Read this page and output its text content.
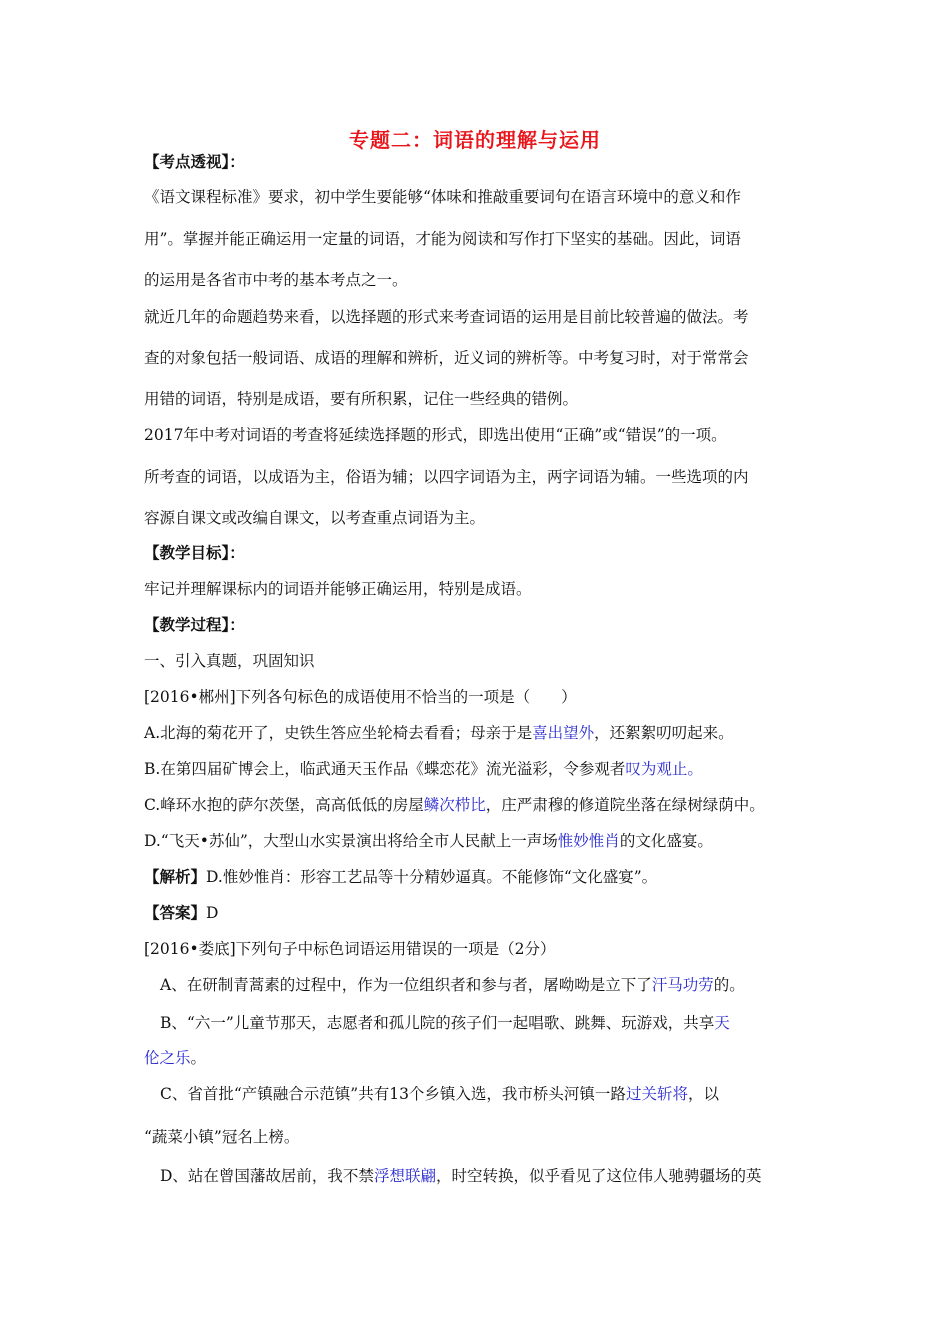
专题二：词语的理解与运用
【考点透视】：
《语文课程标准》要求，初中学生要能够“体味和推敲重要词句在语言环境中的意义和作
用”。掌握并能正确运用一定量的词语，才能为阅读和写作打下坚实的基础。因此，词语
的运用是各省市中考的基本考点之一。
就近几年的命题趋势来看，以选择题的形式来考查词语的运用是目前比较普遍的做法。考
查的对象包括一般词语、成语的理解和辨析，近义词的辨析等。中考复习时，对于常常会
用错的词语，特别是成语，要有所积累，记住一些经典的错例。
2017年中考对词语的考查将延续选择题的形式，即选出使用“正确”或“错误”的一项。
所考查的词语，以成语为主，俗语为辅；以四字词语为主，两字词语为辅。一些选项的内
容源自课文或改编自课文，以考查重点词语为主。
【教学目标】：
牢记并理解课标内的词语并能够正确运用，特别是成语。
【教学过程】：
一、引入真题，巩固知识
[2016•郴州]下列各句标色的成语使用不恰当的一项是（　　）
A.北海的菊花开了，史铁生答应坐轮椅去看看；母亲于是喜出望外，还絮絮叨叨起来。
B.在第四届矿博会上，临武通天玉作品《蝶恋花》流光溢彩，令参观者叹为观止。
C.峰环水抱的萨尔茨堡，高高低低的房屋鳞次栉比，庄严肃穆的修道院坐落在绿树绿荫中。
D.“飞天•苏仙”，大型山水实景演出将给全市人民献上一声场惟妙惟肖的文化盛宴。
【解析】D.惟妙惟肖：形容工艺品等十分精妙逼真。不能修饰“文化盛宴”。
【答案】D
[2016•娄底]下列句子中标色词语运用错误的一项是（2分）
A、在研制青蒿素的过程中，作为一位组织者和参与者，屠呦呦是立下了汗马功劳的。
B、“六一”儿童节那天，志愿者和孤儿院的孩子们一起唱歌、跳舞、玩游戏，共享天
伦之乐。
C、省首批“产镇融合示范镇”共有13个乡镇入选，我市桥头河镇一路过关斩将，以
“蔬菜小镇”冠名上榜。
D、站在曾国藩故居前，我不禁浮想联翩，时空转换，似乎看见了这位伟人驰骋疆场的英
